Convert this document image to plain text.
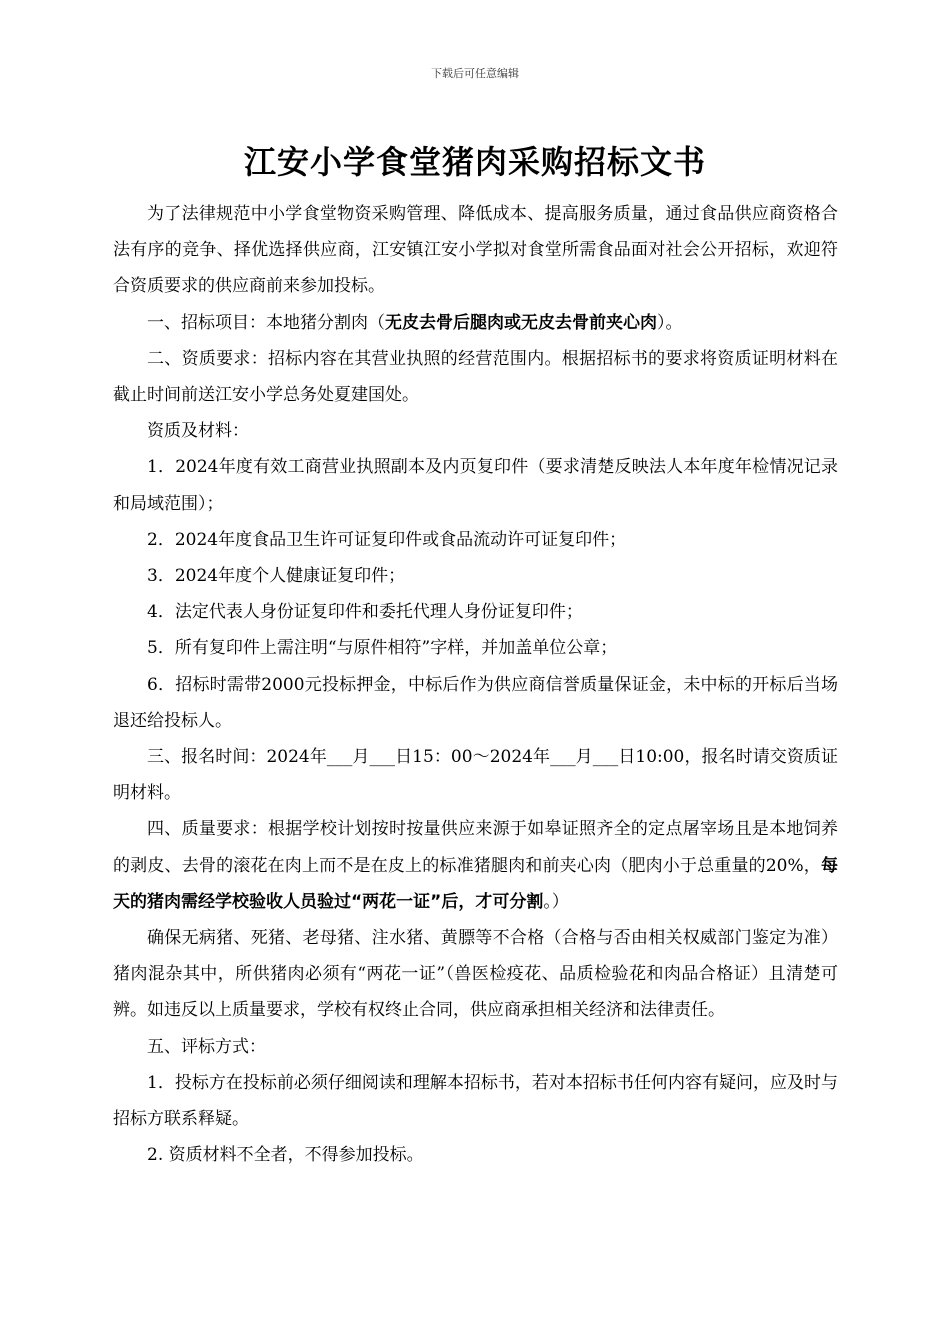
下载后可任意编辑
江安小学食堂猪肉采购招标文书

为了法律规范中小学食堂物资采购管理、降低成本、提高服务质量，通过食品供应商资格合法有序的竞争、择优选择供应商，江安镇江安小学拟对食堂所需食品面对社会公开招标，欢迎符合资质要求的供应商前来参加投标。

一、招标项目：本地猪分割肉（无皮去骨后腿肉或无皮去骨前夹心肉）。

二、资质要求：招标内容在其营业执照的经营范围内。根据招标书的要求将资质证明材料在截止时间前送江安小学总务处夏建国处。

资质及材料：

1．2024年度有效工商营业执照副本及内页复印件（要求清楚反映法人本年度年检情况记录和局域范围）；

2．2024年度食品卫生许可证复印件或食品流动许可证复印件；

3．2024年度个人健康证复印件；

4．法定代表人身份证复印件和委托代理人身份证复印件；

5．所有复印件上需注明“与原件相符”字样，并加盖单位公章；

6．招标时需带2000元投标押金，中标后作为供应商信誉质量保证金，未中标的开标后当场退还给投标人。

三、报名时间：2024年___月___日15：00～2024年___月___日10:00，报名时请交资质证明材料。

四、质量要求：根据学校计划按时按量供应来源于如皋证照齐全的定点屠宰场且是本地饲养的剥皮、去骨的滚花在肉上而不是在皮上的标准猪腿肉和前夹心肉（肥肉小于总重量的20%，每天的猪肉需经学校验收人员验过“两花一证”后，才可分割。）

确保无病猪、死猪、老母猪、注水猪、黄膘等不合格（合格与否由相关权威部门鉴定为准）猪肉混杂其中，所供猪肉必须有“两花一证”（兽医检疫花、品质检验花和肉品合格证）且清楚可辨。如违反以上质量要求，学校有权终止合同，供应商承担相关经济和法律责任。

五、评标方式：

1．投标方在投标前必须仔细阅读和理解本招标书，若对本招标书任何内容有疑问，应及时与招标方联系释疑。

2. 资质材料不全者，不得参加投标。
